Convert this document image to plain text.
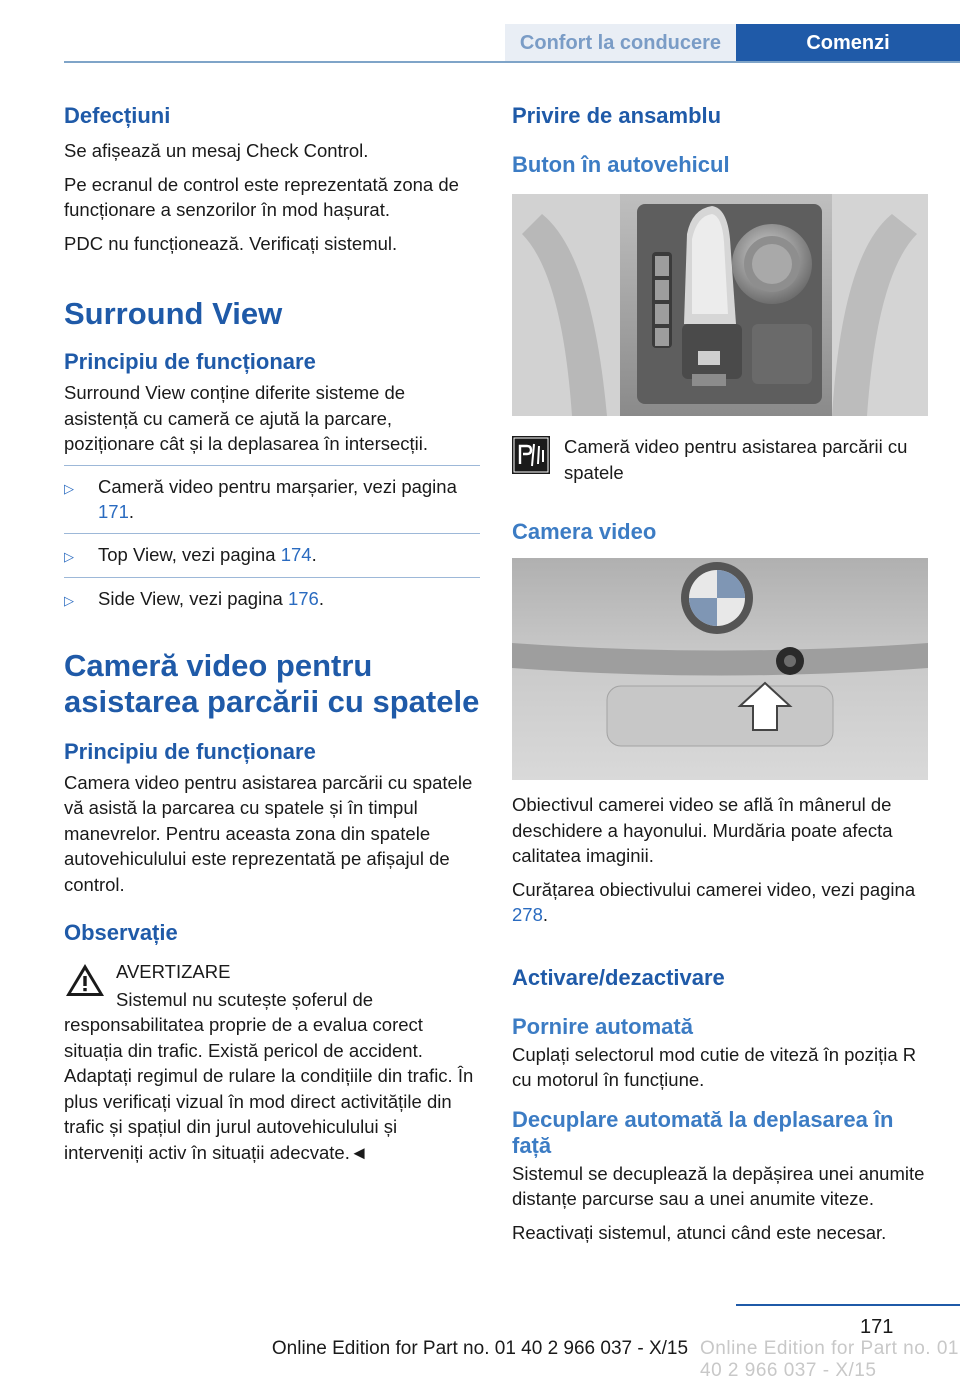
Confort la conducere	Comenzi
Defecțiuni
Se afișează un mesaj Check Control.
Pe ecranul de control este reprezentată zona de funcționare a senzorilor în mod hașurat.
PDC nu funcționează. Verificați sistemul.
Surround View
Principiu de funcționare
Surround View conține diferite sisteme de asistență cu cameră ce ajută la parcare, poziționare cât și la deplasarea în intersecții.
▷	Cameră video pentru marșarier, vezi pagina 171.
▷	Top View, vezi pagina 174.
▷	Side View, vezi pagina 176.
Cameră video pentru asistarea parcării cu spatele
Principiu de funcționare
Camera video pentru asistarea parcării cu spatele vă asistă la parcarea cu spatele și în timpul manevrelor. Pentru aceasta zona din spatele autovehiculului este reprezentată pe afișajul de control.
Observație
AVERTIZARE
Sistemul nu scutește șoferul de responsabilitatea proprie de a evalua corect situația din trafic. Există pericol de accident. Adaptați regimul de rulare la condițiile din trafic. În plus verificați vizual în mod direct activitățile din trafic și spațiul din jurul autovehiculului și interveniți activ în situații adecvate.◄
Privire de ansamblu
Buton în autovehicul
Cameră video pentru asistarea parcării cu spatele
Camera video
Obiectivul camerei video se află în mânerul de deschidere a hayonului. Murdăria poate afecta calitatea imaginii.
Curățarea obiectivului camerei video, vezi pagina 278.
Activare/dezactivare
Pornire automată
Cuplați selectorul mod cutie de viteză în poziția R cu motorul în funcțiune.
Decuplare automată la deplasarea în față
Sistemul se decuplează la depășirea unei anumite distanțe parcurse sau a unei anumite viteze.
Reactivați sistemul, atunci când este necesar.
171
Online Edition for Part no. 01 40 2 966 037 - X/15
Online Edition for Part no. 01 40 2 966 037 - X/15
